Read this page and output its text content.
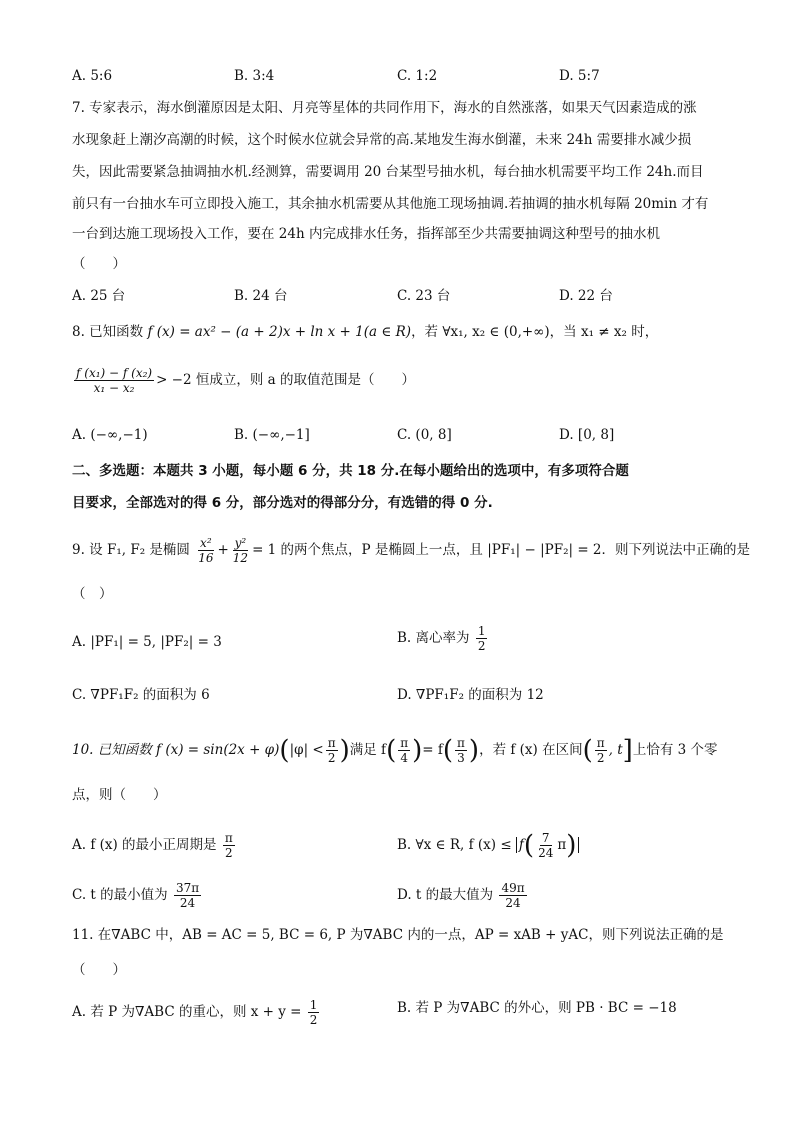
A. 5:6	B. 3:4	C. 1:2	D. 5:7
7. 专家表示，海水倒灌原因是太阳、月亮等星体的共同作用下，海水的自然涨落，如果天气因素造成的涨
水现象赶上潮汐高潮的时候，这个时候水位就会异常的高.某地发生海水倒灌，未来 24h 需要排水减少损
失，因此需要紧急抽调抽水机.经测算，需要调用 20 台某型号抽水机，每台抽水机需要平均工作 24h.而目
前只有一台抽水车可立即投入施工，其余抽水机需要从其他施工现场抽调.若抽调的抽水机每隔 20min 才有
一台到达施工现场投入工作，要在 24h 内完成排水任务，指挥部至少共需要抽调这种型号的抽水机
（　　）
A. 25 台	B. 24 台	C. 23 台	D. 22 台
8. 已知函数 f (x) = ax² − (a + 2)x + ln x + 1(a ∈ R)，若 ∀x₁, x₂ ∈ (0,+∞)，当 x₁ ≠ x₂ 时，
$\frac{\text{f (x₁) − f (x₂)}}{\text{x₁ − x₂}} > -2$ 恒成立，则 a 的取值范围是（　　）
A. (−∞,−1)	B. (−∞,−1]	C. (0, 8]	D. [0, 8]
二、多选题：本题共 3 小题，每小题 6 分，共 18 分.在每小题给出的选项中，有多项符合题
目要求，全部选对的得 6 分，部分选对的得部分分，有选错的得 0 分.
9. 设 F₁, F₂ 是椭圆 $\frac{\text{x²}}{16} + \frac{\text{y²}}{12} = 1$ 的两个焦点，P 是椭圆上一点，且 |PF₁| − |PF₂| = 2．则下列说法中正确的是
（　）
A. |PF₁| = 5, |PF₂| = 3	B. 离心率为 $\frac{1}{2}$
C. ∇PF₁F₂ 的面积为 6	D. ∇PF₁F₂ 的面积为 12
10. 已知函数 f $(x) = \sin(2x + \varphi)(|\varphi| < \frac{\pi}{2}$ )满足 $f( \frac{\pi}{4}$ )= $f( \frac{\pi}{3}$ )，若 f (x) 在区间( $\frac{\pi}{2}$ , t]上恰有 3 个零
点，则（　　）
A. f (x) 的最小正周期是 $\frac{\pi}{2}$	B. ∀x ∈ R, f $(x) \le f( \frac{7}{24} \pi)$
C. t 的最小值为 $\frac{37\pi}{24}$	D. t 的最大值为 $\frac{49\pi}{24}$
11. 在∇ABC 中，AB = AC = 5, BC = 6, P 为∇ABC 内的一点，AP = xAB + yAC，则下列说法正确的是
（　　）
A. 若 P 为∇ABC 的重心，则 $x + y = \frac{1}{2}$	B. 若 P 为∇ABC 的外心，则 PB · BC = −18
